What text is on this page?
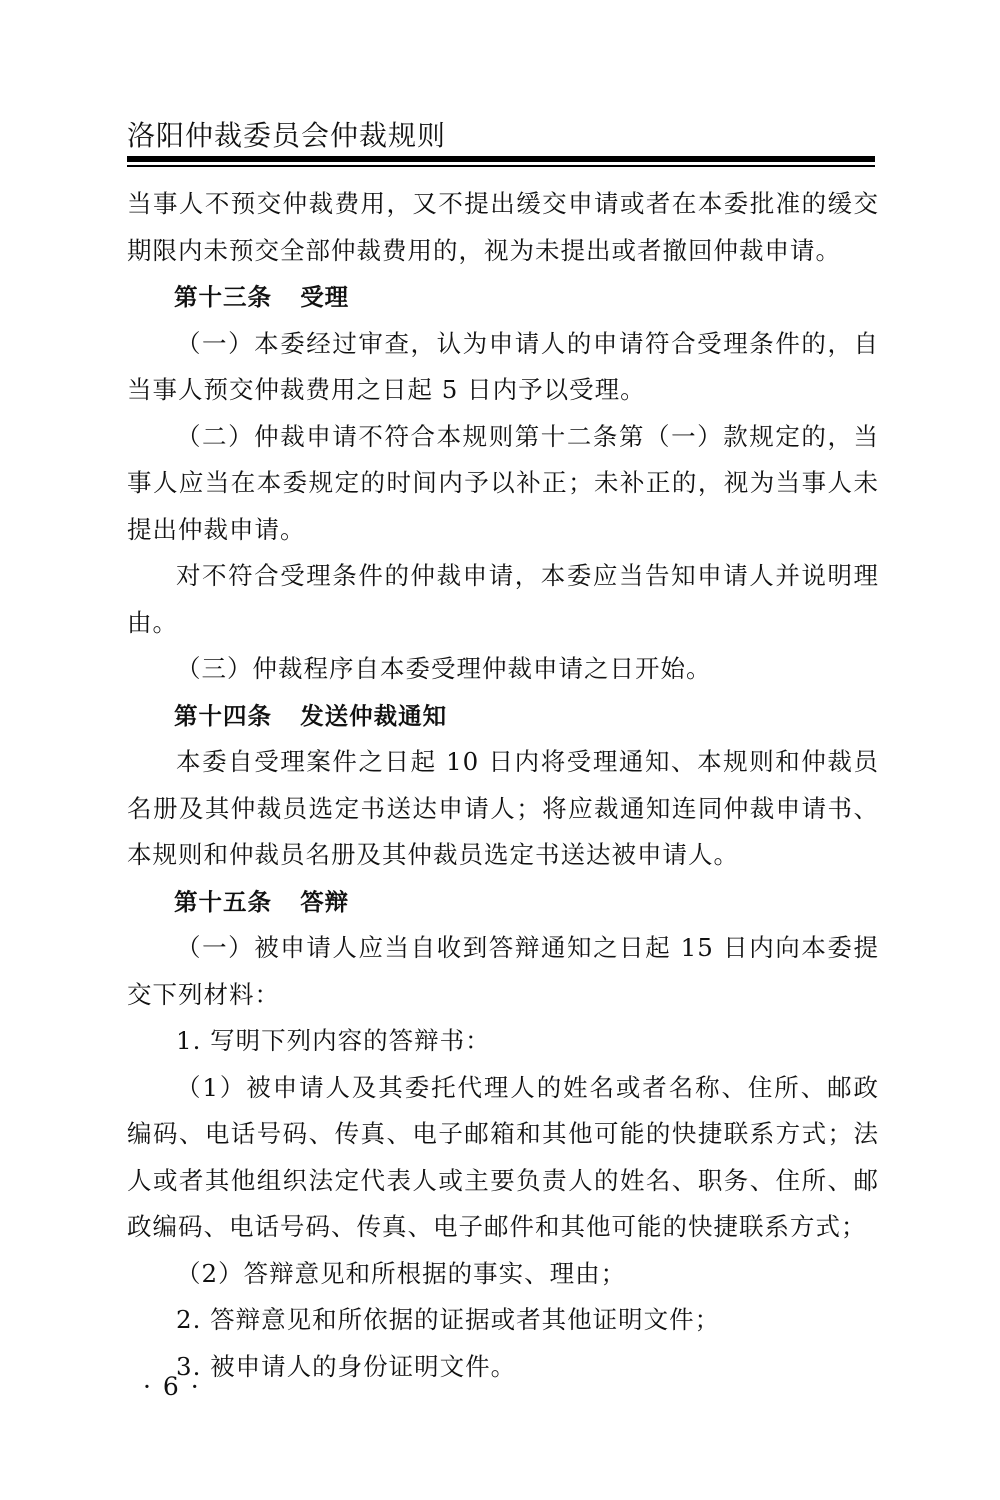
洛阳仲裁委员会仲裁规则

当事人不预交仲裁费用，又不提出缓交申请或者在本委批准的缓交期限内未预交全部仲裁费用的，视为未提出或者撤回仲裁申请。

第十三条 受理

（一）本委经过审查，认为申请人的申请符合受理条件的，自当事人预交仲裁费用之日起 5 日内予以受理。

（二）仲裁申请不符合本规则第十二条第（一）款规定的，当事人应当在本委规定的时间内予以补正；未补正的，视为当事人未提出仲裁申请。

对不符合受理条件的仲裁申请，本委应当告知申请人并说明理由。

（三）仲裁程序自本委受理仲裁申请之日开始。

第十四条 发送仲裁通知

本委自受理案件之日起 10 日内将受理通知、本规则和仲裁员名册及其仲裁员选定书送达申请人；将应裁通知连同仲裁申请书、本规则和仲裁员名册及其仲裁员选定书送达被申请人。

第十五条 答辩

（一）被申请人应当自收到答辩通知之日起 15 日内向本委提交下列材料：

1. 写明下列内容的答辩书：

（1）被申请人及其委托代理人的姓名或者名称、住所、邮政编码、电话号码、传真、电子邮箱和其他可能的快捷联系方式；法人或者其他组织法定代表人或主要负责人的姓名、职务、住所、邮政编码、电话号码、传真、电子邮件和其他可能的快捷联系方式；

（2）答辩意见和所根据的事实、理由；

2. 答辩意见和所依据的证据或者其他证明文件；

3. 被申请人的身份证明文件。

· 6 ·
